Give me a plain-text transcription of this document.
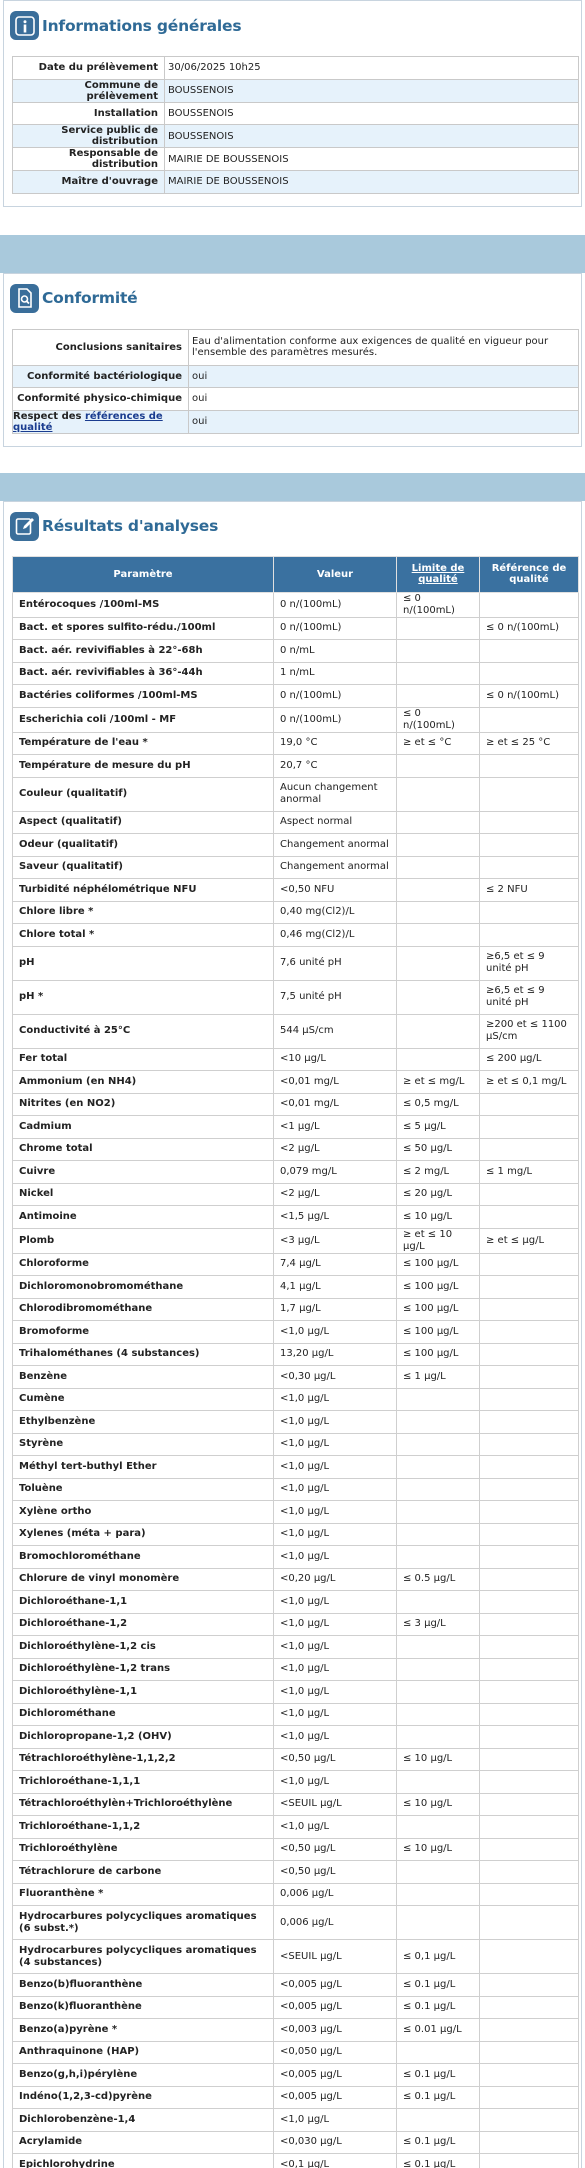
Informations générales
Date du prélèvement	30/06/2025 10h25
Commune de prélèvement	BOUSSENOIS
Installation	BOUSSENOIS
Service public de distribution	BOUSSENOIS
Responsable de distribution	MAIRIE DE BOUSSENOIS
Maître d'ouvrage	MAIRIE DE BOUSSENOIS
Conformité
Conclusions sanitaires	Eau d'alimentation conforme aux exigences de qualité en vigueur pour l'ensemble des paramètres mesurés.
Conformité bactériologique	oui
Conformité physico-chimique	oui
Respect des références de qualité	oui
Résultats d'analyses
Paramètre	Valeur	Limite de qualité	Référence de qualité
Entérocoques /100ml-MS	0 n/(100mL)	≤ 0 n/(100mL)	
Bact. et spores sulfito-rédu./100ml	0 n/(100mL)		≤ 0 n/(100mL)
Bact. aér. revivifiables à 22°-68h	0 n/mL		
Bact. aér. revivifiables à 36°-44h	1 n/mL		
Bactéries coliformes /100ml-MS	0 n/(100mL)		≤ 0 n/(100mL)
Escherichia coli /100ml - MF	0 n/(100mL)	≤ 0 n/(100mL)	
Température de l'eau *	19,0 °C	≥ et ≤ °C	≥ et ≤ 25 °C
Température de mesure du pH	20,7 °C		
Couleur (qualitatif)	Aucun changement anormal		
Aspect (qualitatif)	Aspect normal		
Odeur (qualitatif)	Changement anormal		
Saveur (qualitatif)	Changement anormal		
Turbidité néphélométrique NFU	<0,50 NFU		≤ 2 NFU
Chlore libre *	0,40 mg(Cl2)/L		
Chlore total *	0,46 mg(Cl2)/L		
pH	7,6 unité pH		≥6,5 et ≤ 9 unité pH
pH *	7,5 unité pH		≥6,5 et ≤ 9 unité pH
Conductivité à 25°C	544 µS/cm		≥200 et ≤ 1100 µS/cm
Fer total	<10 µg/L		≤ 200 µg/L
Ammonium (en NH4)	<0,01 mg/L	≥ et ≤ mg/L	≥ et ≤ 0,1 mg/L
Nitrites (en NO2)	<0,01 mg/L	≤ 0,5 mg/L	
Cadmium	<1 µg/L	≤ 5 µg/L	
Chrome total	<2 µg/L	≤ 50 µg/L	
Cuivre	0,079 mg/L	≤ 2 mg/L	≤ 1 mg/L
Nickel	<2 µg/L	≤ 20 µg/L	
Antimoine	<1,5 µg/L	≤ 10 µg/L	
Plomb	<3 µg/L	≥ et ≤ 10 µg/L	≥ et ≤ µg/L
Chloroforme	7,4 µg/L	≤ 100 µg/L	
Dichloromonobromométhane	4,1 µg/L	≤ 100 µg/L	
Chlorodibromométhane	1,7 µg/L	≤ 100 µg/L	
Bromoforme	<1,0 µg/L	≤ 100 µg/L	
Trihalométhanes (4 substances)	13,20 µg/L	≤ 100 µg/L	
Benzène	<0,30 µg/L	≤ 1 µg/L	
Cumène	<1,0 µg/L		
Ethylbenzène	<1,0 µg/L		
Styrène	<1,0 µg/L		
Méthyl tert-buthyl Ether	<1,0 µg/L		
Toluène	<1,0 µg/L		
Xylène ortho	<1,0 µg/L		
Xylenes (méta + para)	<1,0 µg/L		
Bromochlorométhane	<1,0 µg/L		
Chlorure de vinyl monomère	<0,20 µg/L	≤ 0.5 µg/L	
Dichloroéthane-1,1	<1,0 µg/L		
Dichloroéthane-1,2	<1,0 µg/L	≤ 3 µg/L	
Dichloroéthylène-1,2 cis	<1,0 µg/L		
Dichloroéthylène-1,2 trans	<1,0 µg/L		
Dichloroéthylène-1,1	<1,0 µg/L		
Dichlorométhane	<1,0 µg/L		
Dichloropropane-1,2 (OHV)	<1,0 µg/L		
Tétrachloroéthylène-1,1,2,2	<0,50 µg/L	≤ 10 µg/L	
Trichloroéthane-1,1,1	<1,0 µg/L		
Tétrachloroéthylèn+Trichloroéthylène	<SEUIL µg/L	≤ 10 µg/L	
Trichloroéthane-1,1,2	<1,0 µg/L		
Trichloroéthylène	<0,50 µg/L	≤ 10 µg/L	
Tétrachlorure de carbone	<0,50 µg/L		
Fluoranthène *	0,006 µg/L		
Hydrocarbures polycycliques aromatiques (6 subst.*)	0,006 µg/L		
Hydrocarbures polycycliques aromatiques (4 substances)	<SEUIL µg/L	≤ 0,1 µg/L	
Benzo(b)fluoranthène	<0,005 µg/L	≤ 0.1 µg/L	
Benzo(k)fluoranthène	<0,005 µg/L	≤ 0.1 µg/L	
Benzo(a)pyrène *	<0,003 µg/L	≤ 0.01 µg/L	
Anthraquinone (HAP)	<0,050 µg/L		
Benzo(g,h,i)pérylène	<0,005 µg/L	≤ 0.1 µg/L	
Indéno(1,2,3-cd)pyrène	<0,005 µg/L	≤ 0.1 µg/L	
Dichlorobenzène-1,4	<1,0 µg/L		
Acrylamide	<0,030 µg/L	≤ 0.1 µg/L	
Epichlorohydrine	<0,1 µg/L	≤ 0.1 µg/L	
